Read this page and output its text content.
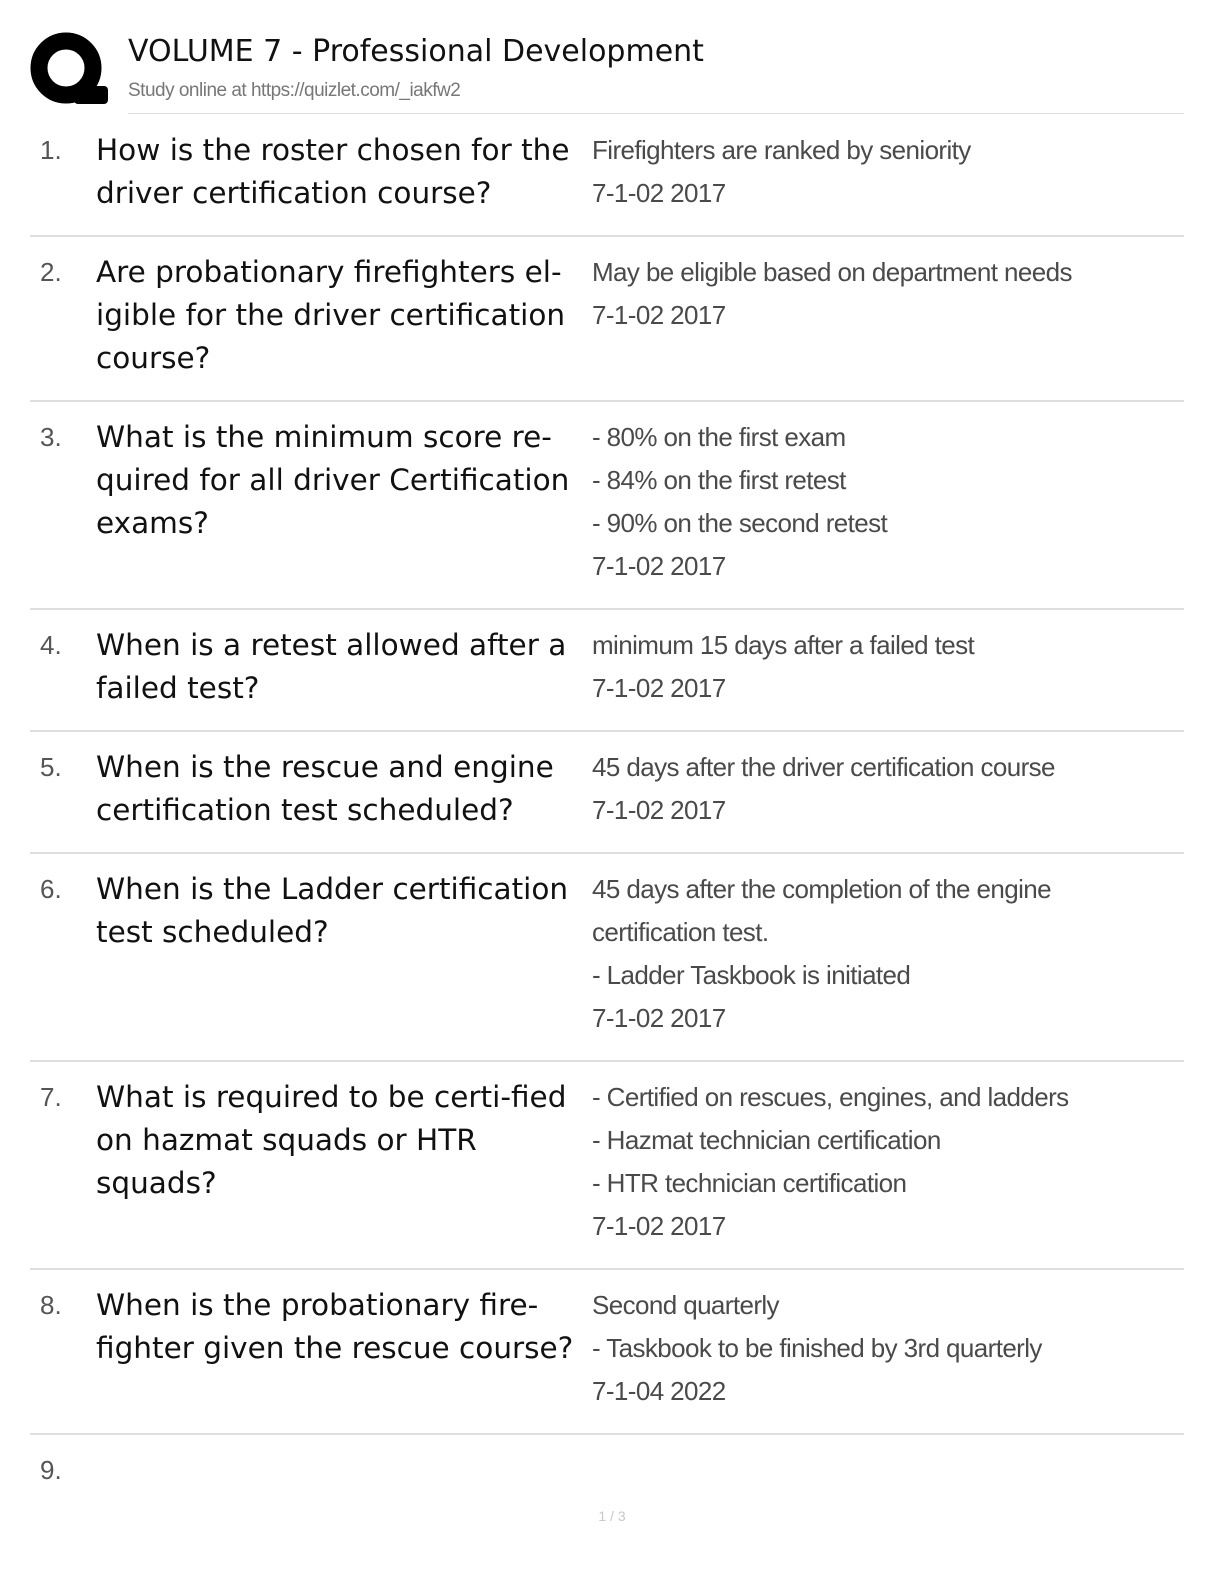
VOLUME 7 - Professional Development
Study online at https://quizlet.com/_iakfw2
1. How is the roster chosen for the driver certification course?
Firefighters are ranked by seniority
7-1-02 2017
2. Are probationary firefighters el-igible for the driver certification course?
May be eligible based on department needs
7-1-02 2017
3. What is the minimum score re-quired for all driver Certification exams?
- 80% on the first exam
- 84% on the first retest
- 90% on the second retest
7-1-02 2017
4. When is a retest allowed after a failed test?
minimum 15 days after a failed test
7-1-02 2017
5. When is the rescue and engine certification test scheduled?
45 days after the driver certification course
7-1-02 2017
6. When is the Ladder certification test scheduled?
45 days after the completion of the engine certification test.
- Ladder Taskbook is initiated
7-1-02 2017
7. What is required to be certi-fied on hazmat squads or HTR squads?
- Certified on rescues, engines, and ladders
- Hazmat technician certification
- HTR technician certification
7-1-02 2017
8. When is the probationary fire-fighter given the rescue course?
Second quarterly
- Taskbook to be finished by 3rd quarterly
7-1-04 2022
9.
1 / 3
